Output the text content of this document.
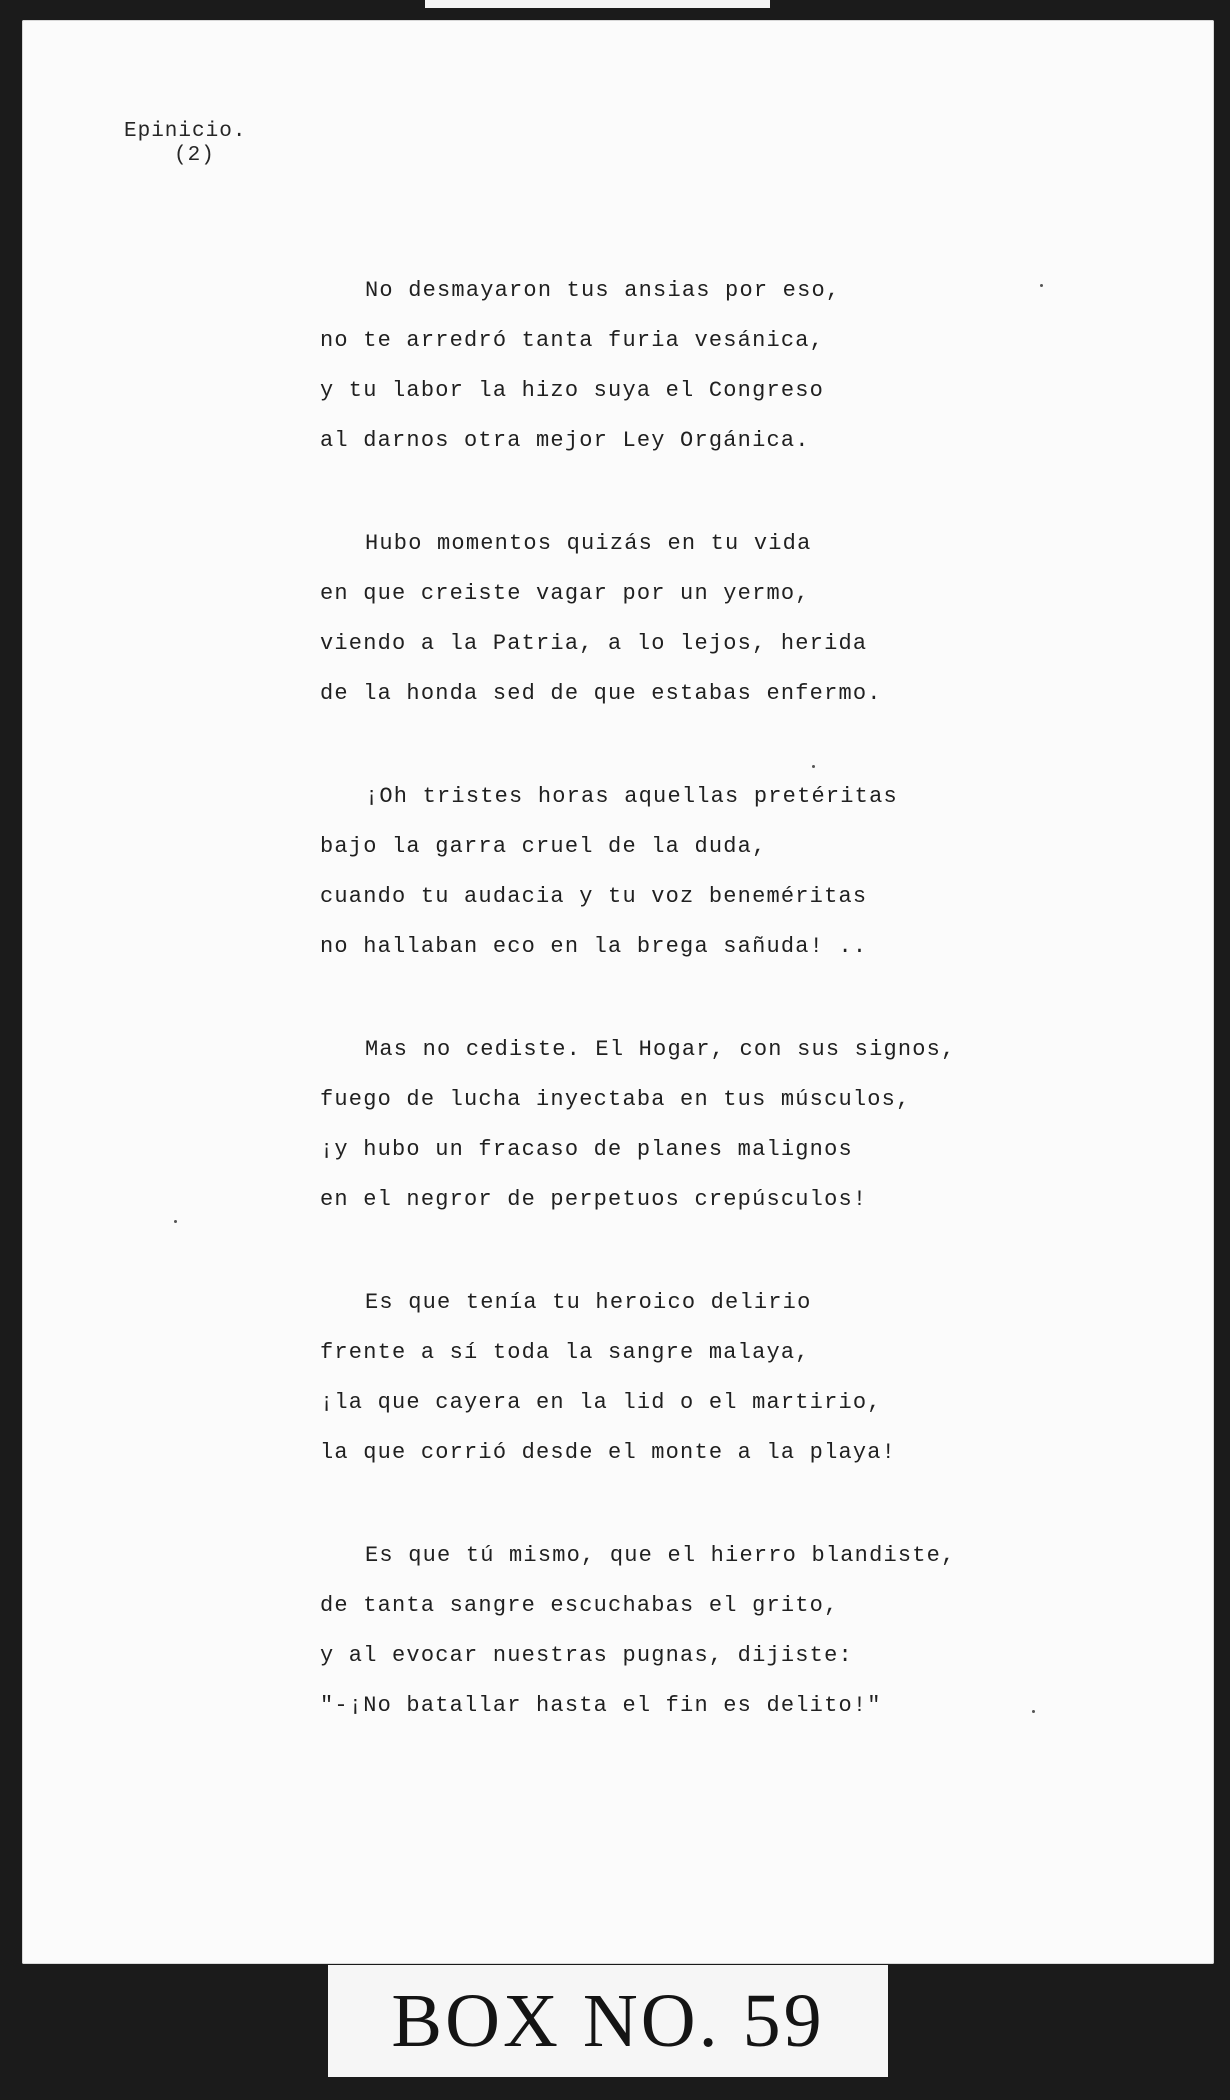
Epinicio.
(2)
No desmayaron tus ansias por eso,
no te arredró tanta furia vesánica,
y tu labor la hizo suya el Congreso
al darnos otra mejor Ley Orgánica.
Hubo momentos quizás en tu vida
en que creiste vagar por un yermo,
viendo a la Patria, a lo lejos, herida
de la honda sed de que estabas enfermo.
¡Oh tristes horas aquellas pretéritas
bajo la garra cruel de la duda,
cuando tu audacia y tu voz beneméritas
no hallaban eco en la brega sañuda! ..
Mas no cediste. El Hogar, con sus signos,
fuego de lucha inyectaba en tus músculos,
¡y hubo un fracaso de planes malignos
en el negror de perpetuos crepúsculos!
Es que tenía tu heroico delirio
frente a sí toda la sangre malaya,
¡la que cayera en la lid o el martirio,
la que corrió desde el monte a la playa!
Es que tú mismo, que el hierro blandiste,
de tanta sangre escuchabas el grito,
y al evocar nuestras pugnas, dijiste:
"-¡No batallar hasta el fin es delito!"
BOX NO. 59
